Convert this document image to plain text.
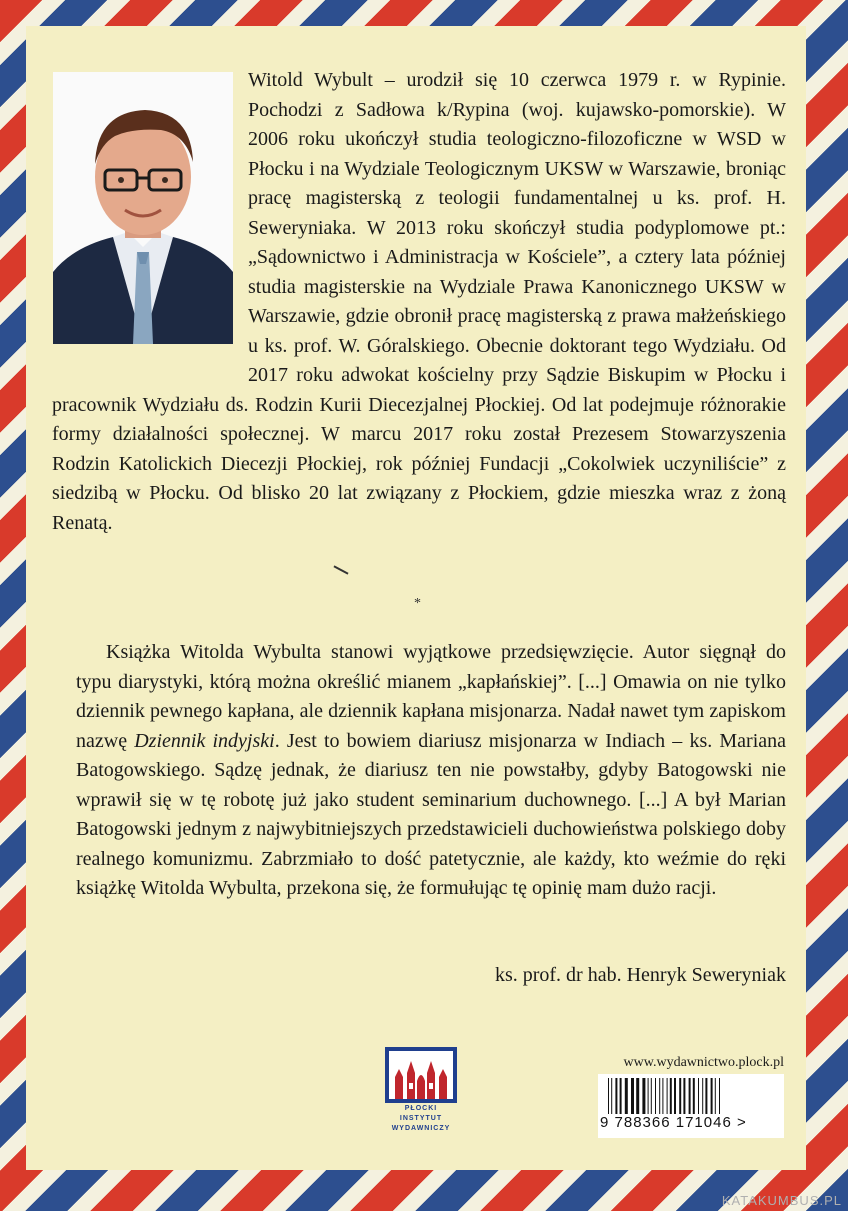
Witold Wybult – urodził się 10 czerwca 1979 r. w Rypinie. Pochodzi z Sadłowa k/Rypina (woj. kujawsko-pomorskie). W 2006 roku ukończył studia teologiczno-filozoficzne w WSD w Płocku i na Wydziale Teologicznym UKSW w Warszawie, broniąc pracę magisterską z teologii fundamentalnej u ks. prof. H. Seweryniaka. W 2013 roku skończył studia podyplomowe pt.: „Sądownictwo i Administracja w Kościele”, a cztery lata później studia magisterskie na Wydziale Prawa Kanonicznego UKSW w Warszawie, gdzie obronił pracę magisterską z prawa małżeńskiego u ks. prof. W. Góralskiego. Obecnie doktorant tego Wydziału. Od 2017 roku adwokat kościelny przy Sądzie Biskupim w Płocku i pracownik Wydziału ds. Rodzin Kurii Diecezjalnej Płockiej. Od lat podejmuje różnorakie formy działalności społecznej. W marcu 2017 roku został Prezesem Stowarzyszenia Rodzin Katolickich Diecezji Płockiej, rok później Fundacji „Cokolwiek uczyniliście” z siedzibą w Płocku. Od blisko 20 lat związany z Płockiem, gdzie mieszka wraz z żoną Renatą.

*

Książka Witolda Wybulta stanowi wyjątkowe przedsięwzięcie. Autor sięgnął do typu diarystyki, którą można określić mianem „kapłańskiej”. [...] Omawia on nie tylko dziennik pewnego kapłana, ale dziennik kapłana misjonarza. Nadał nawet tym zapiskom nazwę Dziennik indyjski. Jest to bowiem diariusz misjonarza w Indiach – ks. Mariana Batogowskiego. Sądzę jednak, że diariusz ten nie powstałby, gdyby Batogowski nie wprawił się w tę robotę już jako student seminarium duchownego. [...] A był Marian Batogowski jednym z najwybitniejszych przedstawicieli duchowieństwa polskiego doby realnego komunizmu. Zabrzmiało to dość patetycznie, ale każdy, kto weźmie do ręki książkę Witolda Wybulta, przekona się, że formułując tę opinię mam dużo racji.

ks. prof. dr hab. Henryk Seweryniak
PŁOCKI
INSTYTUT
WYDAWNICZY
www.wydawnictwo.plock.pl
9 788366 171046 >
KATAKUMBUS.PL
